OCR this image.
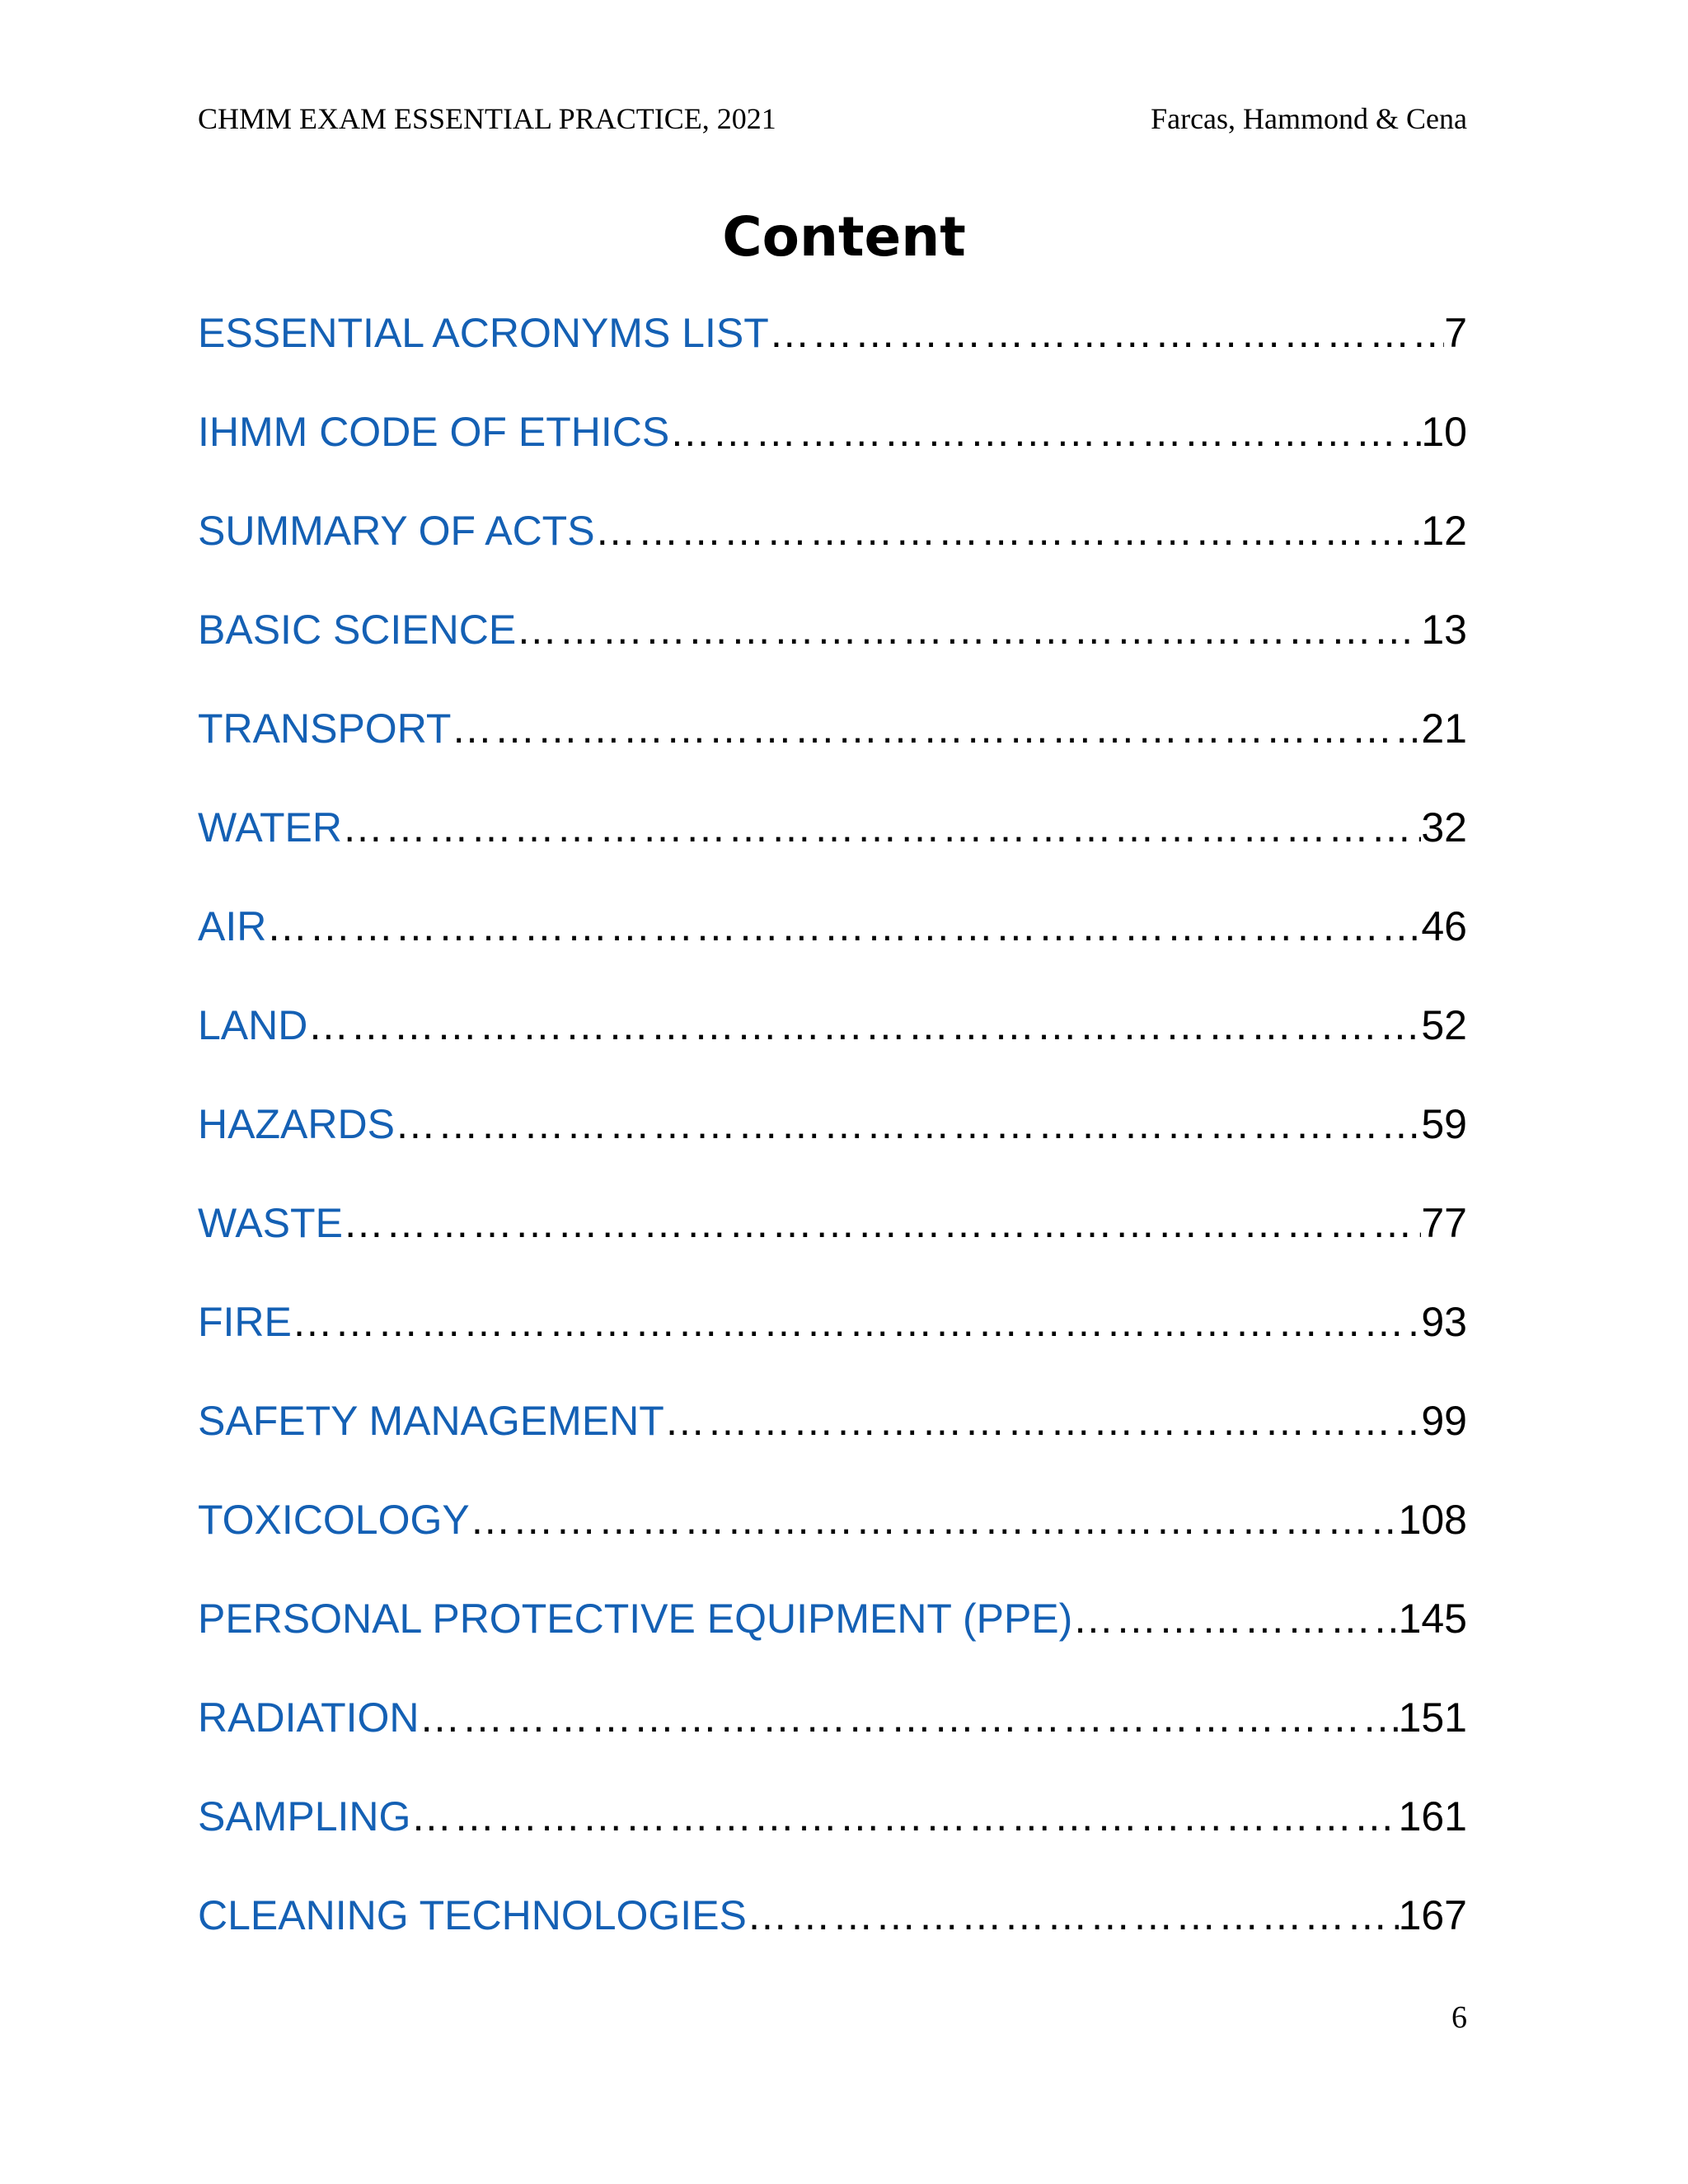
CHMM EXAM ESSENTIAL PRACTICE, 2021	Farcas, Hammond & Cena
Content
ESSENTIAL ACRONYMS LIST ……………………………………………………………………………………………………………………………………………………………………………………………………	7
IHMM CODE OF ETHICS ……………………………………………………………………………………………………………………………………………………………………………………………………	10
SUMMARY OF ACTS ……………………………………………………………………………………………………………………………………………………………………………………………………	12
BASIC SCIENCE ……………………………………………………………………………………………………………………………………………………………………………………………………	13
TRANSPORT ……………………………………………………………………………………………………………………………………………………………………………………………………	21
WATER ……………………………………………………………………………………………………………………………………………………………………………………………………	32
AIR ……………………………………………………………………………………………………………………………………………………………………………………………………	46
LAND ……………………………………………………………………………………………………………………………………………………………………………………………………	52
HAZARDS ……………………………………………………………………………………………………………………………………………………………………………………………………	59
WASTE ……………………………………………………………………………………………………………………………………………………………………………………………………	77
FIRE ……………………………………………………………………………………………………………………………………………………………………………………………………	93
SAFETY MANAGEMENT ……………………………………………………………………………………………………………………………………………………………………………………………………	99
TOXICOLOGY ……………………………………………………………………………………………………………………………………………………………………………………………………	108
PERSONAL PROTECTIVE EQUIPMENT (PPE) ……………………………………………………………………………………………………………………………………………………………………………………………………	145
RADIATION ……………………………………………………………………………………………………………………………………………………………………………………………………	151
SAMPLING ……………………………………………………………………………………………………………………………………………………………………………………………………	161
CLEANING TECHNOLOGIES ……………………………………………………………………………………………………………………………………………………………………………………………………	167
6
